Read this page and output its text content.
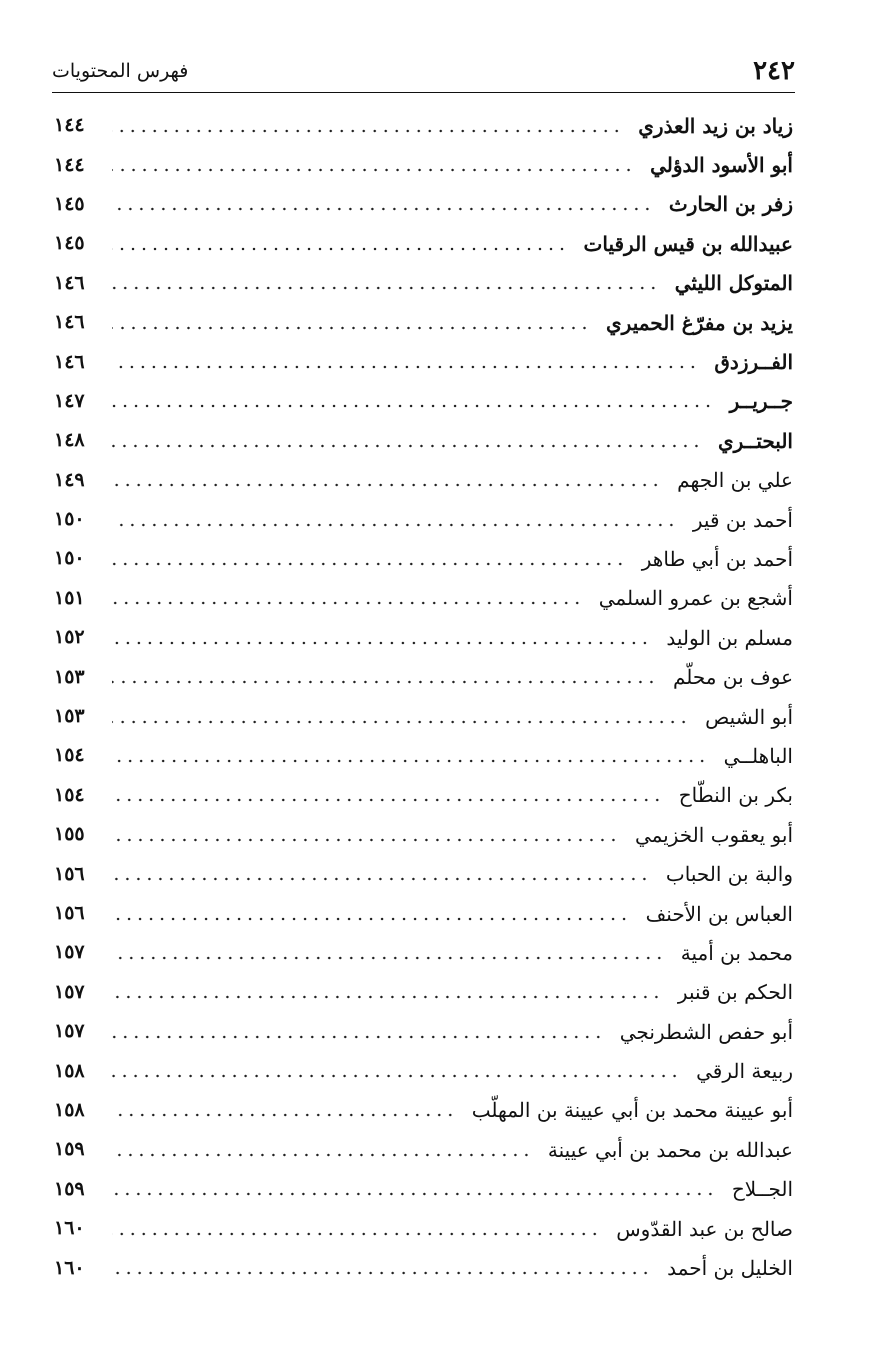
٢٤٢
فهرس المحتويات
١٤٤	زياد بن زيد العذري
١٤٤	أبو الأسود الدؤلي
١٤٥	زفر بن الحارث
١٤٥	عبيدالله بن قيس الرقيات
١٤٦	المتوكل الليثي
١٤٦	يزيد بن مفرّغ الحميري
١٤٦	الفــرزدق
١٤٧	جــريــر
١٤٨	البحتــري
١٤٩	علي بن الجهم
١٥٠	أحمد بن قير
١٥٠	أحمد بن أبي طاهر
١٥١	أشجع بن عمرو السلمي
١٥٢	مسلم بن الوليد
١٥٣	عوف بن محلّم
١٥٣	أبو الشيص
١٥٤	الباهلــي
١٥٤	بكر بن النطّاح
١٥٥	أبو يعقوب الخزيمي
١٥٦	والبة بن الحباب
١٥٦	العباس بن الأحنف
١٥٧	محمد بن أمية
١٥٧	الحكم بن قنبر
١٥٧	أبو حفص الشطرنجي
١٥٨	ربيعة الرقي
١٥٨	أبو عيينة محمد بن أبي عيينة بن المهلّب
١٥٩	عبدالله بن محمد بن أبي عيينة
١٥٩	الجــلاح
١٦٠	صالح بن عبد القدّوس
١٦٠	الخليل بن أحمد
